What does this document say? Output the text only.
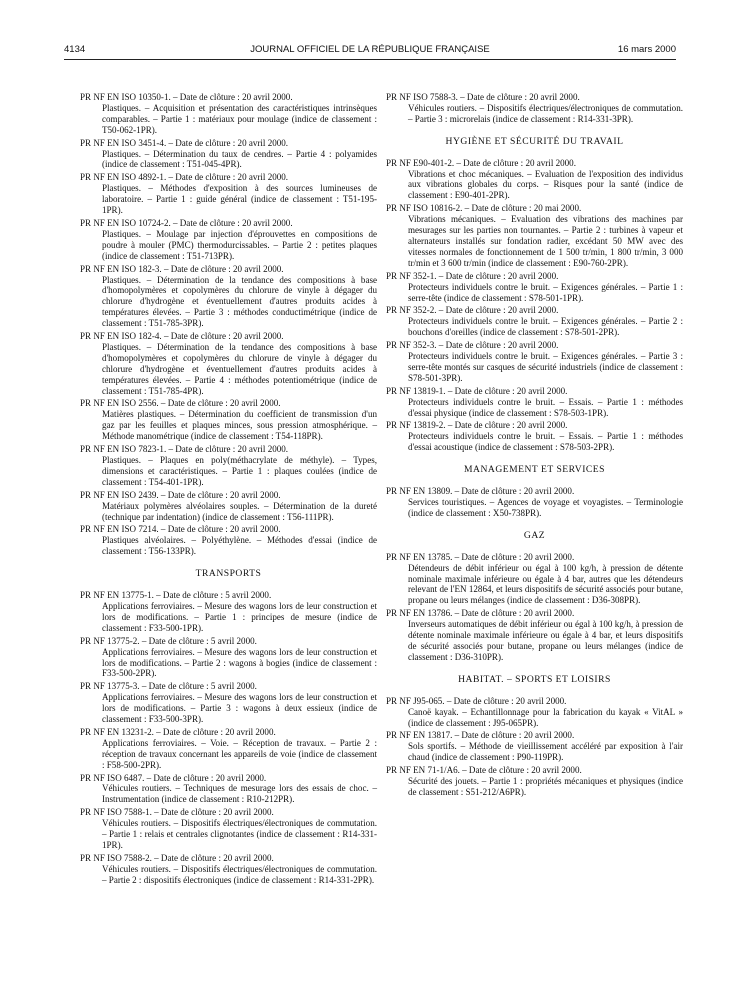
4134	JOURNAL OFFICIEL DE LA RÉPUBLIQUE FRANÇAISE	16 mars 2000
PR NF EN ISO 10350-1. – Date de clôture : 20 avril 2000.
Plastiques. – Acquisition et présentation des caractéristiques intrinsèques comparables. – Partie 1 : matériaux pour moulage (indice de classement : T50-062-1PR).
PR NF EN ISO 3451-4. – Date de clôture : 20 avril 2000.
Plastiques. – Détermination du taux de cendres. – Partie 4 : polyamides (indice de classement : T51-045-4PR).
PR NF EN ISO 4892-1. – Date de clôture : 20 avril 2000.
Plastiques. – Méthodes d'exposition à des sources lumineuses de laboratoire. – Partie 1 : guide général (indice de classement : T51-195-1PR).
PR NF EN ISO 10724-2. – Date de clôture : 20 avril 2000.
Plastiques. – Moulage par injection d'éprouvettes en compositions de poudre à mouler (PMC) thermodurcissables. – Partie 2 : petites plaques (indice de classement : T51-713PR).
PR NF EN ISO 182-3. – Date de clôture : 20 avril 2000.
Plastiques. – Détermination de la tendance des compositions à base d'homopolymères et copolymères du chlorure de vinyle à dégager du chlorure d'hydrogène et éventuellement d'autres produits acides à températures élevées. – Partie 3 : méthodes conductimétrique (indice de classement : T51-785-3PR).
PR NF EN ISO 182-4. – Date de clôture : 20 avril 2000.
Plastiques. – Détermination de la tendance des compositions à base d'homopolymères et copolymères du chlorure de vinyle à dégager du chlorure d'hydrogène et éventuellement d'autres produits acides à températures élevées. – Partie 4 : méthodes potentiométrique (indice de classement : T51-785-4PR).
PR NF EN ISO 2556. – Date de clôture : 20 avril 2000.
Matières plastiques. – Détermination du coefficient de transmission d'un gaz par les feuilles et plaques minces, sous pression atmosphérique. – Méthode manométrique (indice de classement : T54-118PR).
PR NF EN ISO 7823-1. – Date de clôture : 20 avril 2000.
Plastiques. – Plaques en poly(méthacrylate de méthyle). – Types, dimensions et caractéristiques. – Partie 1 : plaques coulées (indice de classement : T54-401-1PR).
PR NF EN ISO 2439. – Date de clôture : 20 avril 2000.
Matériaux polymères alvéolaires souples. – Détermination de la dureté (technique par indentation) (indice de classement : T56-111PR).
PR NF EN ISO 7214. – Date de clôture : 20 avril 2000.
Plastiques alvéolaires. – Polyéthylène. – Méthodes d'essai (indice de classement : T56-133PR).
TRANSPORTS
PR NF EN 13775-1. – Date de clôture : 5 avril 2000.
Applications ferroviaires. – Mesure des wagons lors de leur construction et lors de modifications. – Partie 1 : principes de mesure (indice de classement : F33-500-1PR).
PR NF 13775-2. – Date de clôture : 5 avril 2000.
Applications ferroviaires. – Mesure des wagons lors de leur construction et lors de modifications. – Partie 2 : wagons à bogies (indice de classement : F33-500-2PR).
PR NF 13775-3. – Date de clôture : 5 avril 2000.
Applications ferroviaires. – Mesure des wagons lors de leur construction et lors de modifications. – Partie 3 : wagons à deux essieux (indice de classement : F33-500-3PR).
PR NF EN 13231-2. – Date de clôture : 20 avril 2000.
Applications ferroviaires. – Voie. – Réception de travaux. – Partie 2 : réception de travaux concernant les appareils de voie (indice de classement : F58-500-2PR).
PR NF ISO 6487. – Date de clôture : 20 avril 2000.
Véhicules routiers. – Techniques de mesurage lors des essais de choc. – Instrumentation (indice de classement : R10-212PR).
PR NF ISO 7588-1. – Date de clôture : 20 avril 2000.
Véhicules routiers. – Dispositifs électriques/électroniques de commutation. – Partie 1 : relais et centrales clignotantes (indice de classement : R14-331-1PR).
PR NF ISO 7588-2. – Date de clôture : 20 avril 2000.
Véhicules routiers. – Dispositifs électriques/électroniques de commutation. – Partie 2 : dispositifs électroniques (indice de classement : R14-331-2PR).
PR NF ISO 7588-3. – Date de clôture : 20 avril 2000.
Véhicules routiers. – Dispositifs électriques/électroniques de commutation. – Partie 3 : microrelais (indice de classement : R14-331-3PR).
HYGIÈNE ET SÉCURITÉ DU TRAVAIL
PR NF E90-401-2. – Date de clôture : 20 avril 2000.
Vibrations et choc mécaniques. – Evaluation de l'exposition des individus aux vibrations globales du corps. – Risques pour la santé (indice de classement : E90-401-2PR).
PR NF ISO 10816-2. – Date de clôture : 20 mai 2000.
Vibrations mécaniques. – Evaluation des vibrations des machines par mesurages sur les parties non tournantes. – Partie 2 : turbines à vapeur et alternateurs installés sur fondation radier, excédant 50 MW avec des vitesses normales de fonctionnement de 1 500 tr/min, 1 800 tr/min, 3 000 tr/min et 3 600 tr/min (indice de classement : E90-760-2PR).
PR NF 352-1. – Date de clôture : 20 avril 2000.
Protecteurs individuels contre le bruit. – Exigences générales. – Partie 1 : serre-tête (indice de classement : S78-501-1PR).
PR NF 352-2. – Date de clôture : 20 avril 2000.
Protecteurs individuels contre le bruit. – Exigences générales. – Partie 2 : bouchons d'oreilles (indice de classement : S78-501-2PR).
PR NF 352-3. – Date de clôture : 20 avril 2000.
Protecteurs individuels contre le bruit. – Exigences générales. – Partie 3 : serre-tête montés sur casques de sécurité industriels (indice de classement : S78-501-3PR).
PR NF 13819-1. – Date de clôture : 20 avril 2000.
Protecteurs individuels contre le bruit. – Essais. – Partie 1 : méthodes d'essai physique (indice de classement : S78-503-1PR).
PR NF 13819-2. – Date de clôture : 20 avril 2000.
Protecteurs individuels contre le bruit. – Essais. – Partie 1 : méthodes d'essai acoustique (indice de classement : S78-503-2PR).
MANAGEMENT ET SERVICES
PR NF EN 13809. – Date de clôture : 20 avril 2000.
Services touristiques. – Agences de voyage et voyagistes. – Terminologie (indice de classement : X50-738PR).
GAZ
PR NF EN 13785. – Date de clôture : 20 avril 2000.
Détendeurs de débit inférieur ou égal à 100 kg/h, à pression de détente nominale maximale inférieure ou égale à 4 bar, autres que les détendeurs relevant de l'EN 12864, et leurs dispositifs de sécurité associés pour butane, propane ou leurs mélanges (indice de classement : D36-308PR).
PR NF EN 13786. – Date de clôture : 20 avril 2000.
Inverseurs automatiques de débit inférieur ou égal à 100 kg/h, à pression de détente nominale maximale inférieure ou égale à 4 bar, et leurs dispositifs de sécurité associés pour butane, propane ou leurs mélanges (indice de classement : D36-310PR).
HABITAT. – SPORTS ET LOISIRS
PR NF J95-065. – Date de clôture : 20 avril 2000.
Canoë kayak. – Echantillonnage pour la fabrication du kayak « VitAL » (indice de classement : J95-065PR).
PR NF EN 13817. – Date de clôture : 20 avril 2000.
Sols sportifs. – Méthode de vieillissement accéléré par exposition à l'air chaud (indice de classement : P90-119PR).
PR NF EN 71-1/A6. – Date de clôture : 20 avril 2000.
Sécurité des jouets. – Partie 1 : propriétés mécaniques et physiques (indice de classement : S51-212/A6PR).
